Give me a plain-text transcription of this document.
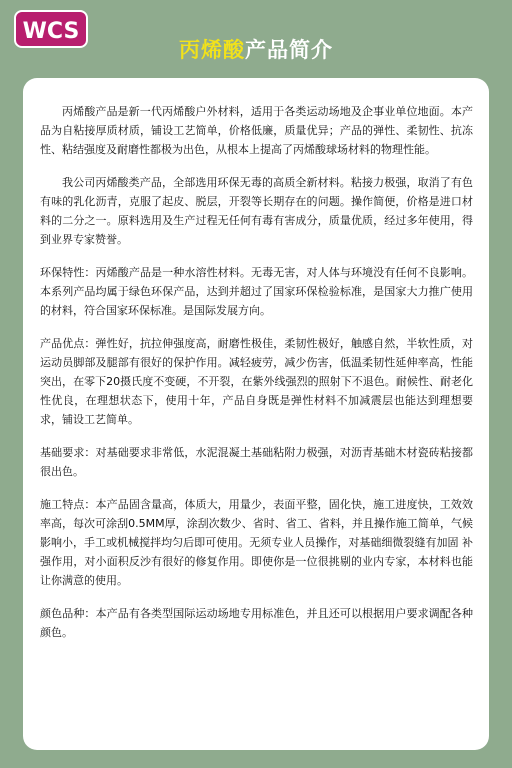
WCS
丙烯酸产品简介

丙烯酸产品是新一代丙烯酸户外材料，适用于各类运动场地及企事业单位地面。本产品为自粘接厚质材质，铺设工艺简单，价格低廉，质量优异；产品的弹性、柔韧性、抗冻性、粘结强度及耐磨性都极为出色，从根本上提高了丙烯酸球场材料的物理性能。

我公司丙烯酸类产品，全部选用环保无毒的高质全新材料。粘接力极强，取消了有色有味的乳化沥青，克服了起皮、脱层，开裂等长期存在的问题。操作简便，价格是进口材料的二分之一。原料选用及生产过程无任何有毒有害成分，质量优质，经过多年使用，得到业界专家赞誉。

环保特性：丙烯酸产品是一种水溶性材料。无毒无害，对人体与环境没有任何不良影响。本系列产品均属于绿色环保产品，达到并超过了国家环保检验标准，是国家大力推广使用的材料，符合国家环保标准。是国际发展方向。

产品优点：弹性好，抗拉伸强度高，耐磨性极佳，柔韧性极好，触感自然，半软性质，对运动员脚部及腿部有很好的保护作用。减轻疲劳，减少伤害，低温柔韧性延伸率高，性能突出，在零下20摄氏度不变硬，不开裂，在紫外线强烈的照射下不退色。耐候性、耐老化性优良，在理想状态下，使用十年，产品自身既是弹性材料不加减震层也能达到理想要求，铺设工艺简单。

基础要求：对基础要求非常低，水泥混凝土基础粘附力极强，对沥青基础木材瓷砖粘接都很出色。

施工特点：本产品固含量高，体质大，用量少，表面平整，固化快，施工进度快，工效效率高，每次可涂刮0.5MM厚，涂刮次数少、省时、省工、省料，并且操作施工简单，气候影响小，手工或机械搅拌均匀后即可使用。无须专业人员操作，对基础细微裂缝有加固 补强作用，对小面积反沙有很好的修复作用。即使你是一位很挑剔的业内专家，本材料也能让你满意的使用。

颜色品种：本产品有各类型国际运动场地专用标准色，并且还可以根据用户要求调配各种颜色。
